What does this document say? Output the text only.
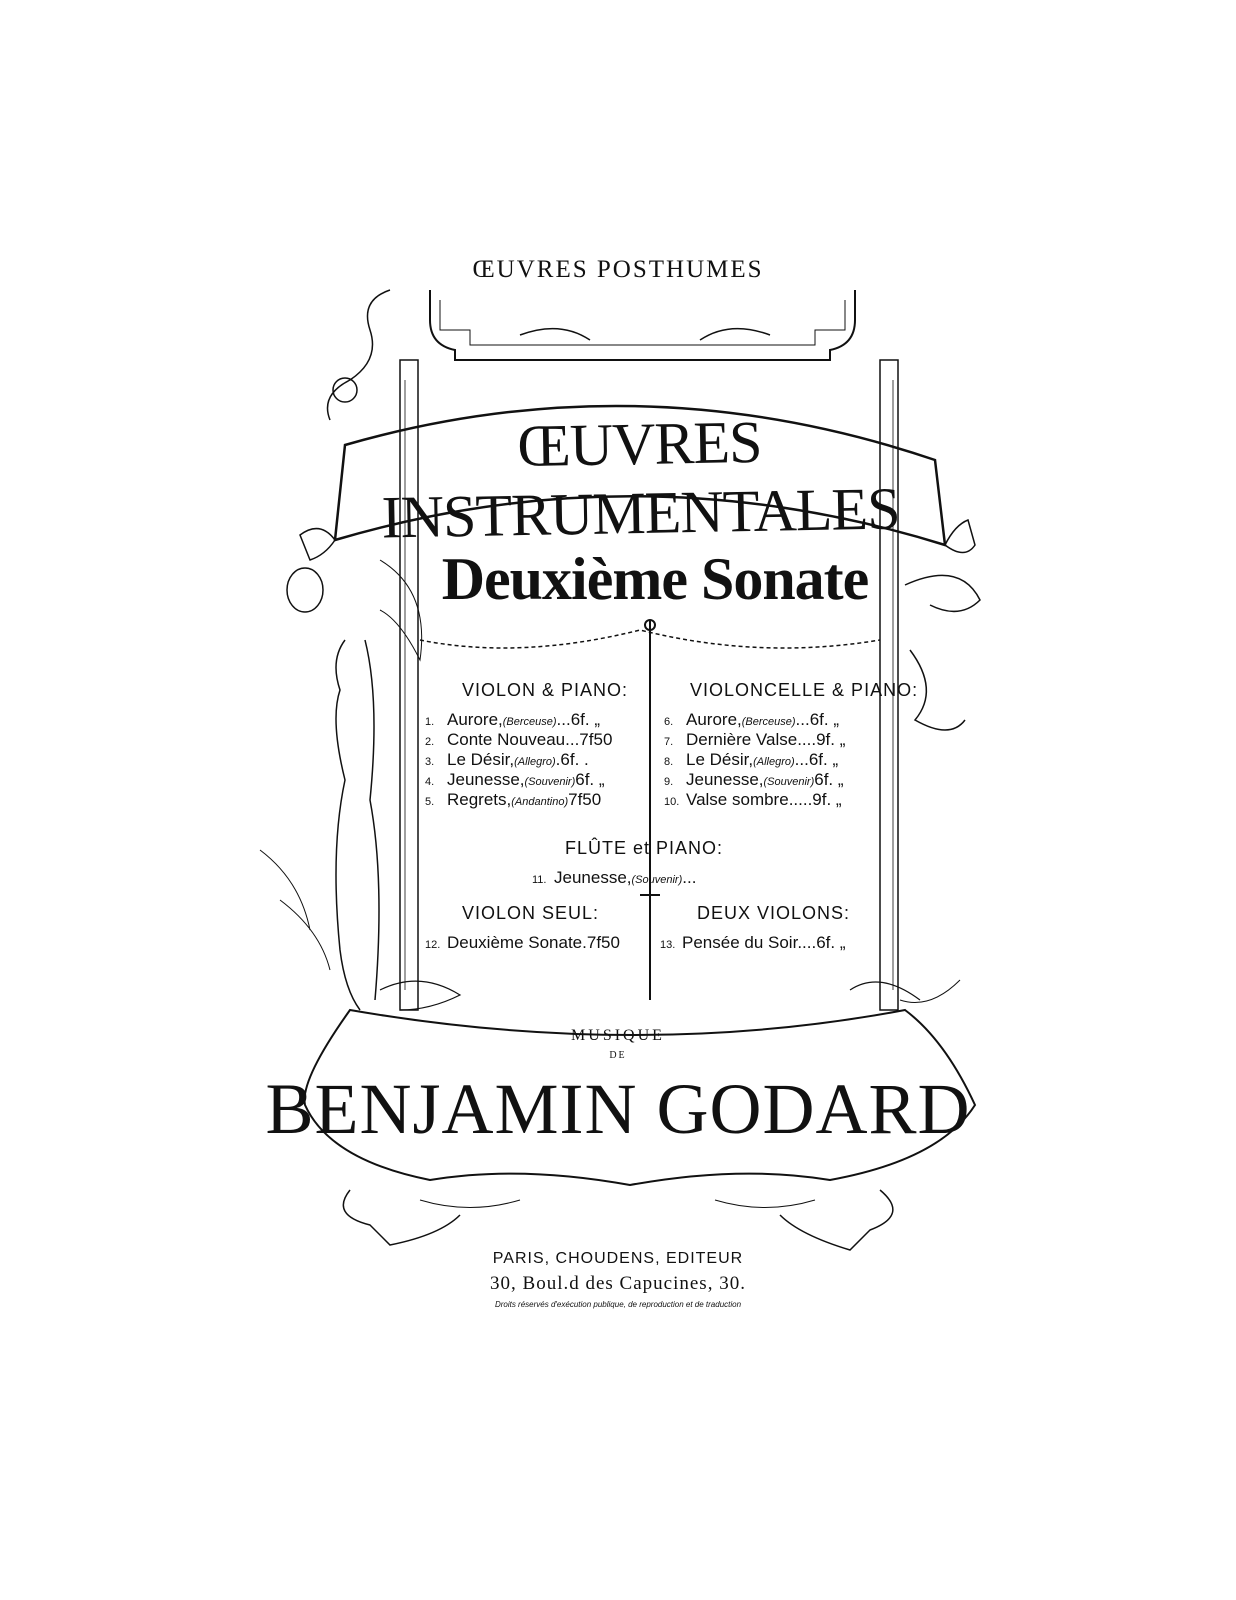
ŒUVRES POSTHUMES
ŒUVRES INSTRUMENTALES
Deuxième Sonate
VIOLON & PIANO:
1. Aurore,(Berceuse)...6f. „
2. Conte Nouveau...7f50
3. Le Désir,(Allegro).6f. .
4. Jeunesse,(Souvenir)6f. „
5. Regrets,(Andantino)7f50
VIOLONCELLE & PIANO:
6. Aurore,(Berceuse)...6f. „
7. Dernière Valse....9f. „
8. Le Désir,(Allegro)...6f. „
9. Jeunesse,(Souvenir)6f. „
10. Valse sombre.....9f. „
FLÛTE et PIANO:
11. Jeunesse,(Souvenir)...
VIOLON SEUL:
12. Deuxième Sonate.7f50
DEUX VIOLONS:
13. Pensée du Soir....6f. „
MUSIQUE
DE
BENJAMIN GODARD
PARIS, CHOUDENS, EDITEUR
30, Boul.d des Capucines, 30.
Droits réservés d'exécution publique, de reproduction et de traduction
